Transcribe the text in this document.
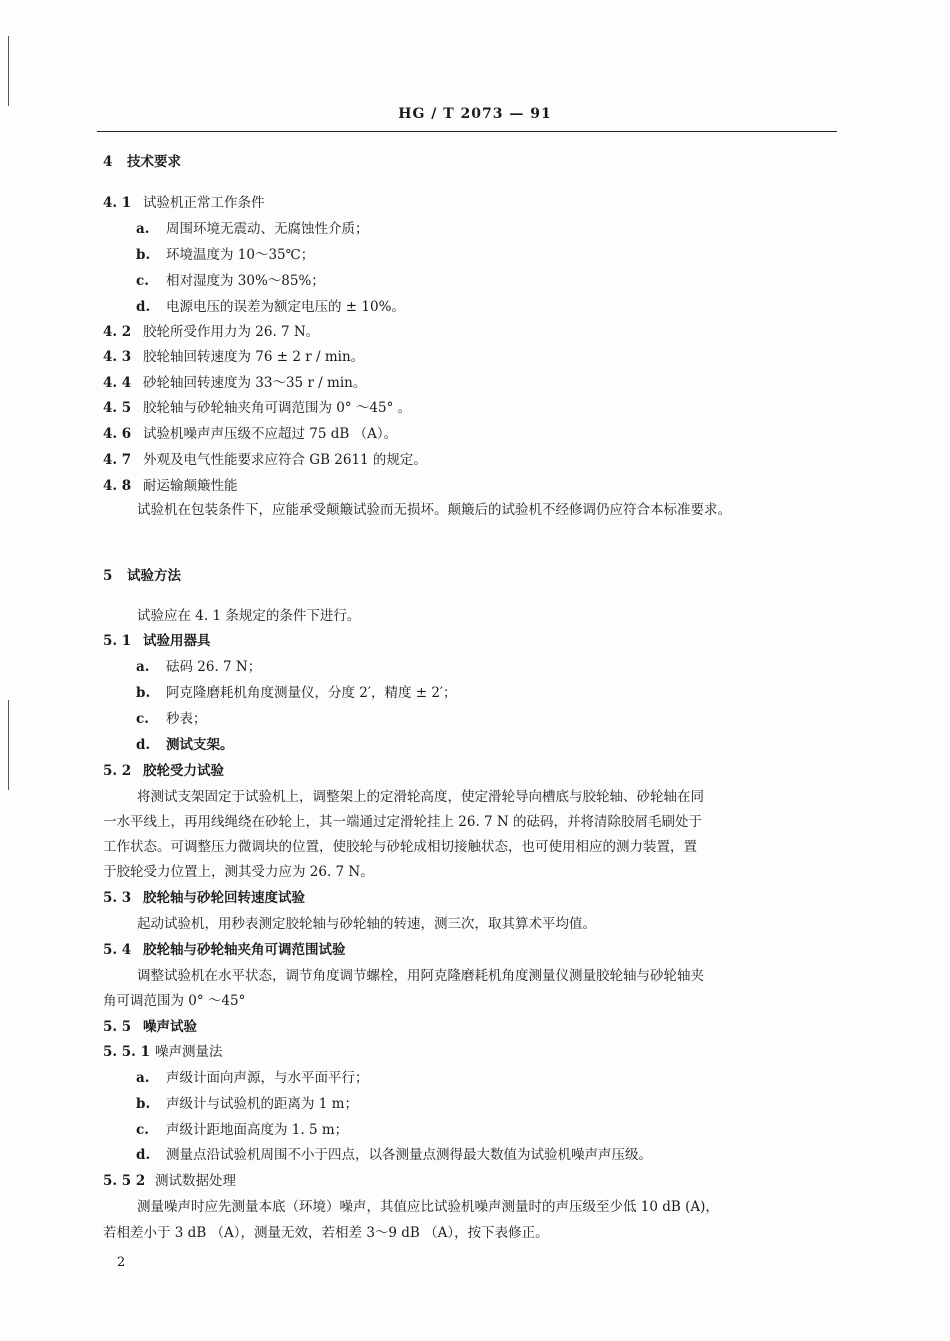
HG / T 2073 — 91
4 技术要求
4. 1 试验机正常工作条件
a. 周围环境无震动、无腐蚀性介质；
b. 环境温度为 10～35℃；
c. 相对湿度为 30%～85%；
d. 电源电压的误差为额定电压的 ± 10%。
4. 2 胶轮所受作用力为 26. 7 N。
4. 3 胶轮轴回转速度为 76 ± 2 r / min。
4. 4 砂轮轴回转速度为 33～35 r / min。
4. 5 胶轮轴与砂轮轴夹角可调范围为 0° ～45° 。
4. 6 试验机噪声声压级不应超过 75 dB （A）。
4. 7 外观及电气性能要求应符合 GB 2611 的规定。
4. 8 耐运输颠簸性能
试验机在包装条件下，应能承受颠簸试验而无损坏。颠簸后的试验机不经修调仍应符合本标准要求。
5 试验方法
试验应在 4. 1 条规定的条件下进行。
5. 1 试验用器具
a. 砝码 26. 7 N；
b. 阿克隆磨耗机角度测量仪，分度 2′，精度 ± 2′；
c. 秒表；
d. 测试支架。
5. 2 胶轮受力试验
将测试支架固定于试验机上，调整架上的定滑轮高度，使定滑轮导向槽底与胶轮轴、砂轮轴在同
一水平线上，再用线绳绕在砂轮上，其一端通过定滑轮挂上 26. 7 N 的砝码，并将清除胶屑毛刷处于
工作状态。可调整压力微调块的位置，使胶轮与砂轮成相切接触状态，也可使用相应的测力装置，置
于胶轮受力位置上，测其受力应为 26. 7 N。
5. 3 胶轮轴与砂轮回转速度试验
起动试验机，用秒表测定胶轮轴与砂轮轴的转速，测三次，取其算术平均值。
5. 4 胶轮轴与砂轮轴夹角可调范围试验
调整试验机在水平状态，调节角度调节螺栓，用阿克隆磨耗机角度测量仪测量胶轮轴与砂轮轴夹
角可调范围为 0° ～45°
5. 5 噪声试验
5. 5. 1 噪声测量法
a. 声级计面向声源，与水平面平行；
b. 声级计与试验机的距离为 1 m；
c. 声级计距地面高度为 1. 5 m；
d. 测量点沿试验机周围不小于四点，以各测量点测得最大数值为试验机噪声声压级。
5. 5 2 测试数据处理
测量噪声时应先测量本底（环境）噪声，其值应比试验机噪声测量时的声压级至少低 10 dB (A)，
若相差小于 3 dB （A），测量无效，若相差 3～9 dB （A），按下表修正。
2
